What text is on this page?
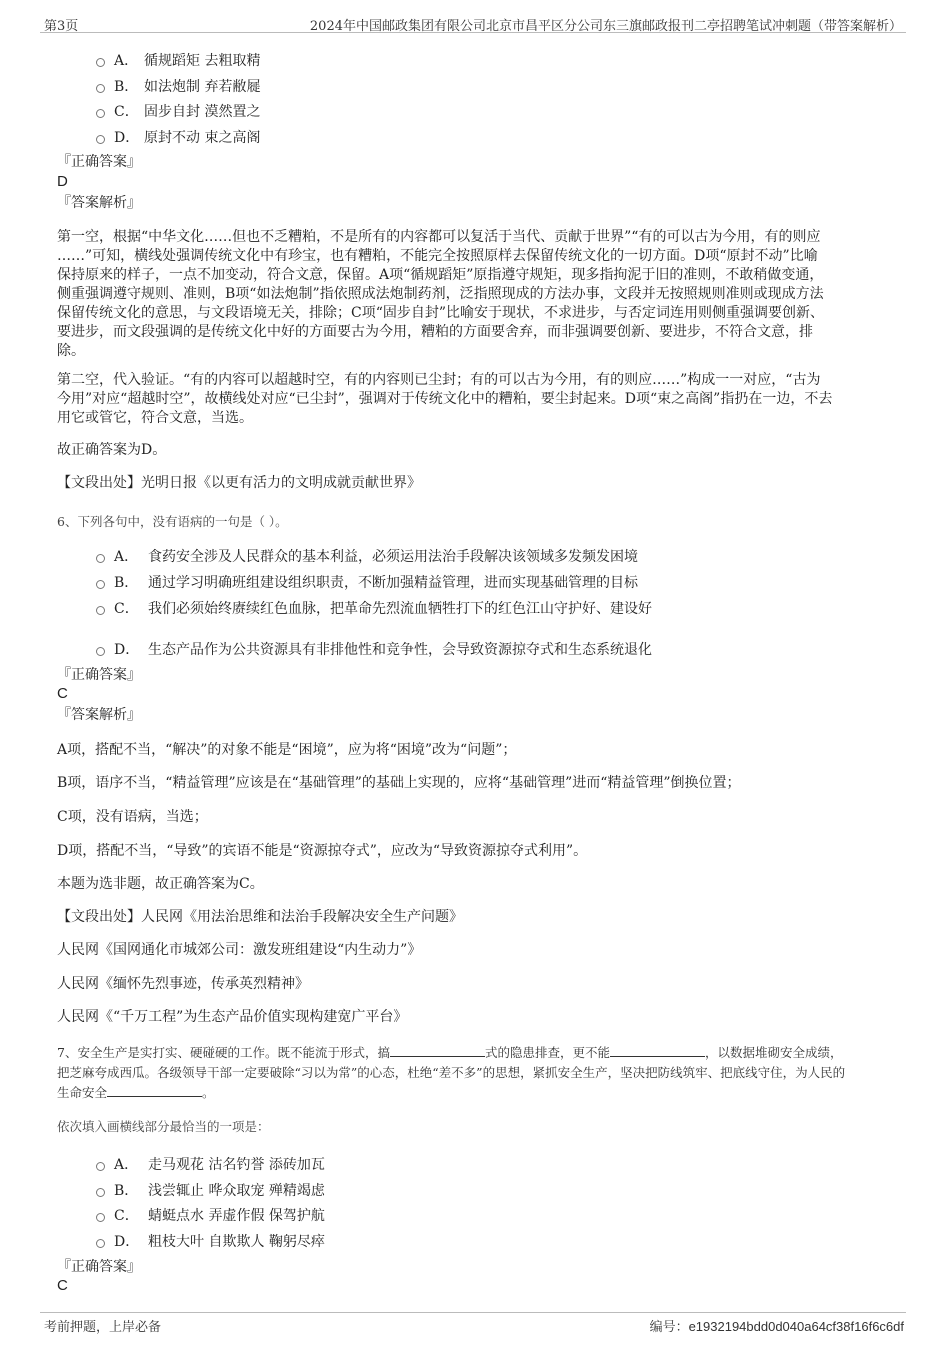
第3页	2024年中国邮政集团有限公司北京市昌平区分公司东三旗邮政报刊二亭招聘笔试冲刺题（带答案解析）
A． 循规蹈矩 去粗取精
B． 如法炮制 弃若敝屣
C． 固步自封 漠然置之
D． 原封不动 束之高阁
『正确答案』
D
『答案解析』
第一空，根据“中华文化……但也不乏糟粕，不是所有的内容都可以复活于当代、贡献于世界”“有的可以古为今用，有的则应
……”可知，横线处强调传统文化中有珍宝，也有糟粕，不能完全按照原样去保留传统文化的一切方面。D项“原封不动”比喻
保持原来的样子，一点不加变动，符合文意，保留。A项“循规蹈矩”原指遵守规矩，现多指拘泥于旧的准则，不敢稍做变通，
侧重强调遵守规则、准则，B项“如法炮制”指依照成法炮制药剂，泛指照现成的方法办事，文段并无按照规则准则或现成方法
保留传统文化的意思，与文段语境无关，排除；C项“固步自封”比喻安于现状，不求进步，与否定词连用则侧重强调要创新、
要进步，而文段强调的是传统文化中好的方面要古为今用，糟粕的方面要舍弃，而非强调要创新、要进步，不符合文意，排
除。
第二空，代入验证。“有的内容可以超越时空，有的内容则已尘封；有的可以古为今用，有的则应……”构成一一对应，“古为
今用”对应“超越时空”，故横线处对应“已尘封”，强调对于传统文化中的糟粕，要尘封起来。D项“束之高阁”指扔在一边，不去
用它或管它，符合文意，当选。
故正确答案为D。
【文段出处】光明日报《以更有活力的文明成就贡献世界》
6、下列各句中，没有语病的一句是（ ）。
A． 食药安全涉及人民群众的基本利益，必须运用法治手段解决该领域多发频发困境
B． 通过学习明确班组建设组织职责，不断加强精益管理，进而实现基础管理的目标
C． 我们必须始终赓续红色血脉，把革命先烈流血牺牲打下的红色江山守护好、建设好
D． 生态产品作为公共资源具有非排他性和竞争性，会导致资源掠夺式和生态系统退化
『正确答案』
C
『答案解析』
A项，搭配不当，“解决”的对象不能是“困境”，应为将“困境”改为“问题”；
B项，语序不当，“精益管理”应该是在“基础管理”的基础上实现的，应将“基础管理”进而“精益管理”倒换位置；
C项，没有语病，当选；
D项，搭配不当，“导致”的宾语不能是“资源掠夺式”，应改为“导致资源掠夺式利用”。
本题为选非题，故正确答案为C。
【文段出处】人民网《用法治思维和法治手段解决安全生产问题》
人民网《国网通化市城郊公司：激发班组建设“内生动力”》
人民网《缅怀先烈事迹，传承英烈精神》
人民网《“千万工程”为生态产品价值实现构建宽广平台》
7、安全生产是实打实、硬碰硬的工作。既不能流于形式，搞	式的隐患排查，更不能	，以数据堆砌安全成绩，
把芝麻夸成西瓜。各级领导干部一定要破除“习以为常”的心态，杜绝“差不多”的思想，紧抓安全生产，坚决把防线筑牢、把底线守住，为人民的
生命安全	。
依次填入画横线部分最恰当的一项是：
A． 走马观花 沽名钓誉 添砖加瓦
B． 浅尝辄止 哗众取宠 殚精竭虑
C． 蜻蜓点水 弄虚作假 保驾护航
D． 粗枝大叶 自欺欺人 鞠躬尽瘁
『正确答案』
C
考前押题，上岸必备	编号：e1932194bdd0d040a64cf38f16f6c6df
